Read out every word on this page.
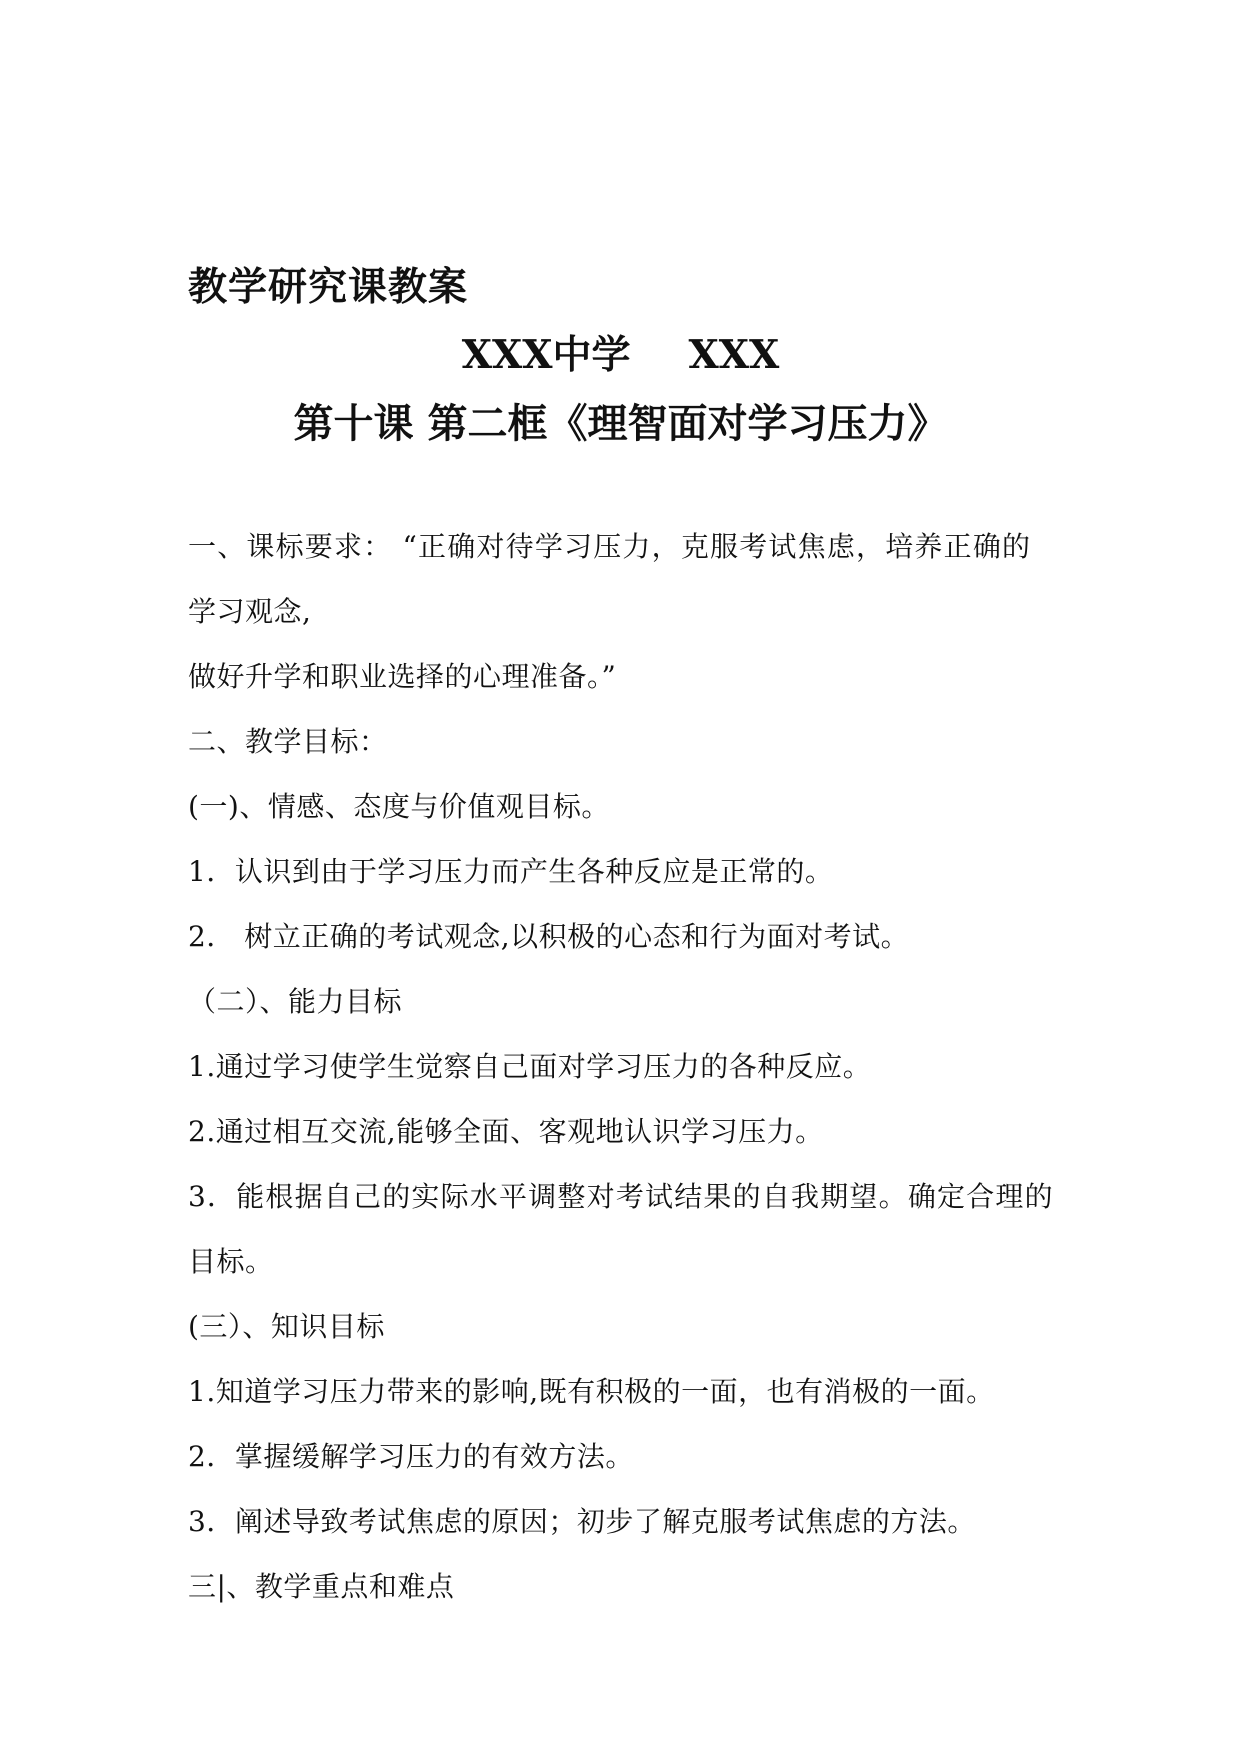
教学研究课教案
XXX中学 XXX
第十课 第二框《理智面对学习压力》
一、课标要求： “正确对待学习压力，克服考试焦虑，培养正确的
学习观念,
做好升学和职业选择的心理准备。”
二、教学目标：
(一)、情感、态度与价值观目标。
1．认识到由于学习压力而产生各种反应是正常的。
2． 树立正确的考试观念,以积极的心态和行为面对考试。
（二）、能力目标
1.通过学习使学生觉察自己面对学习压力的各种反应。
2.通过相互交流,能够全面、客观地认识学习压力。
3．能根据自己的实际水平调整对考试结果的自我期望。确定合理的
目标。
(三）、知识目标
1.知道学习压力带来的影响,既有积极的一面，也有消极的一面。
2．掌握缓解学习压力的有效方法。
3．阐述导致考试焦虑的原因；初步了解克服考试焦虑的方法。
三|、教学重点和难点
